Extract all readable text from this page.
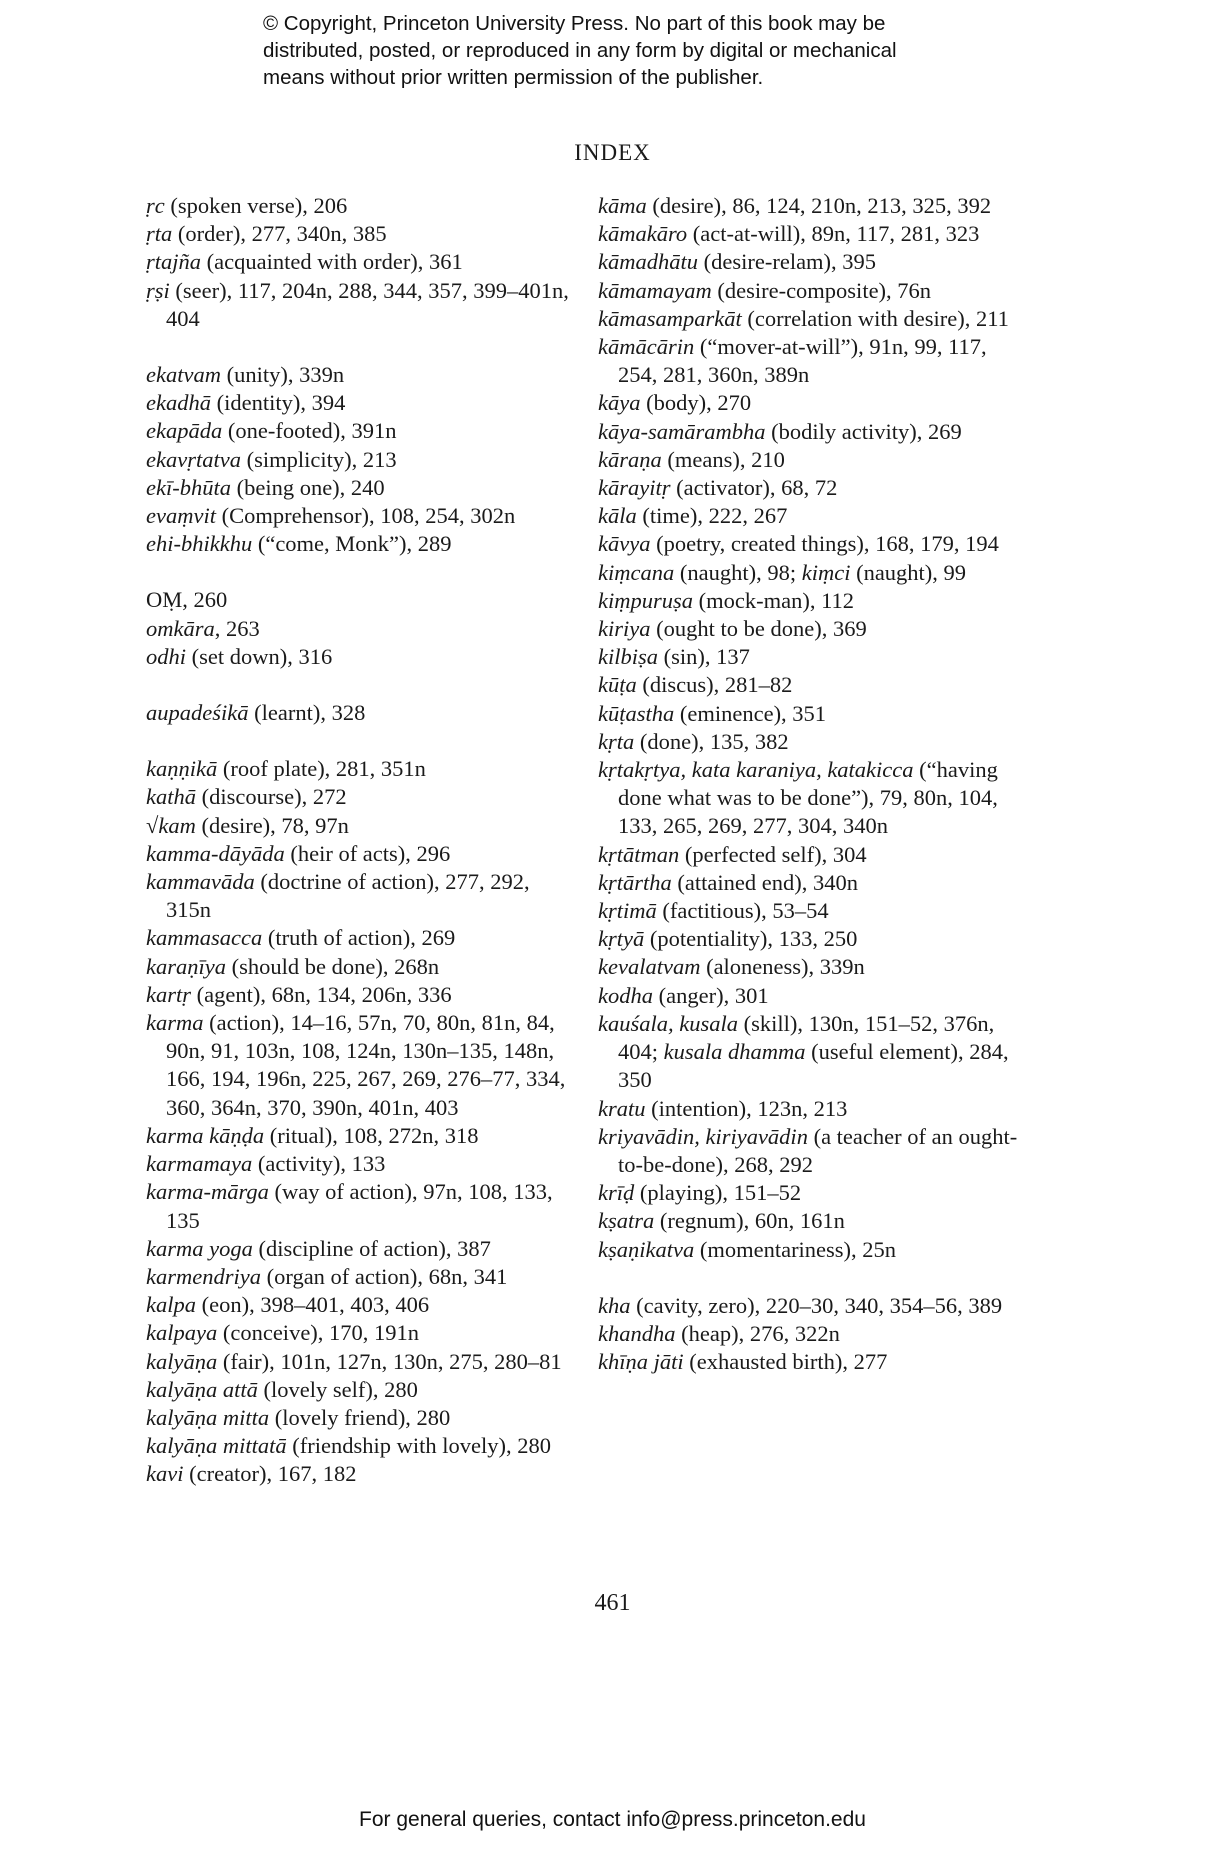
© Copyright, Princeton University Press. No part of this book may be
distributed, posted, or reproduced in any form by digital or mechanical
means without prior written permission of the publisher.
INDEX
ṛc (spoken verse), 206
ṛta (order), 277, 340n, 385
ṛtajña (acquainted with order), 361
ṛṣi (seer), 117, 204n, 288, 344, 357, 399–401n, 404
ekatvam (unity), 339n
ekadhā (identity), 394
ekapāda (one-footed), 391n
ekavṛtatva (simplicity), 213
ekī-bhūta (being one), 240
evaṃvit (Comprehensor), 108, 254, 302n
ehi-bhikkhu (“come, Monk”), 289
OṂ, 260
omkāra, 263
odhi (set down), 316
aupadeśikā (learnt), 328
kaṇṇikā (roof plate), 281, 351n
kathā (discourse), 272
√kam (desire), 78, 97n
kamma-dāyāda (heir of acts), 296
kammavāda (doctrine of action), 277, 292, 315n
kammasacca (truth of action), 269
karaṇīya (should be done), 268n
kartṛ (agent), 68n, 134, 206n, 336
karma (action), 14–16, 57n, 70, 80n, 81n, 84, 90n, 91, 103n, 108, 124n, 130n–135, 148n, 166, 194, 196n, 225, 267, 269, 276–77, 334, 360, 364n, 370, 390n, 401n, 403
karma kāṇḍa (ritual), 108, 272n, 318
karmamaya (activity), 133
karma-mārga (way of action), 97n, 108, 133, 135
karma yoga (discipline of action), 387
karmendriya (organ of action), 68n, 341
kalpa (eon), 398–401, 403, 406
kalpaya (conceive), 170, 191n
kalyāṇa (fair), 101n, 127n, 130n, 275, 280–81
kalyāṇa attā (lovely self), 280
kalyāṇa mitta (lovely friend), 280
kalyāṇa mittatā (friendship with lovely), 280
kavi (creator), 167, 182
kāma (desire), 86, 124, 210n, 213, 325, 392
kāmakāro (act-at-will), 89n, 117, 281, 323
kāmadhātu (desire-relam), 395
kāmamayam (desire-composite), 76n
kāmasamparkāt (correlation with desire), 211
kāmācārin (“mover-at-will”), 91n, 99, 117, 254, 281, 360n, 389n
kāya (body), 270
kāya-samārambha (bodily activity), 269
kāraṇa (means), 210
kārayitṛ (activator), 68, 72
kāla (time), 222, 267
kāvya (poetry, created things), 168, 179, 194
kiṃcana (naught), 98; kiṃci (naught), 99
kiṃpuruṣa (mock-man), 112
kiriya (ought to be done), 369
kilbiṣa (sin), 137
kūṭa (discus), 281–82
kūṭastha (eminence), 351
kṛta (done), 135, 382
kṛtakṛtya, kata karaniya, katakicca (“having done what was to be done”), 79, 80n, 104, 133, 265, 269, 277, 304, 340n
kṛtātman (perfected self), 304
kṛtārtha (attained end), 340n
kṛtimā (factitious), 53–54
kṛtyā (potentiality), 133, 250
kevalatvam (aloneness), 339n
kodha (anger), 301
kauśala, kusala (skill), 130n, 151–52, 376n, 404; kusala dhamma (useful element), 284, 350
kratu (intention), 123n, 213
kriyavādin, kiriyavādin (a teacher of an ought-to-be-done), 268, 292
krīḍ (playing), 151–52
kṣatra (regnum), 60n, 161n
kṣaṇikatva (momentariness), 25n
kha (cavity, zero), 220–30, 340, 354–56, 389
khandha (heap), 276, 322n
khīṇa jāti (exhausted birth), 277
461
For general queries, contact info@press.princeton.edu
